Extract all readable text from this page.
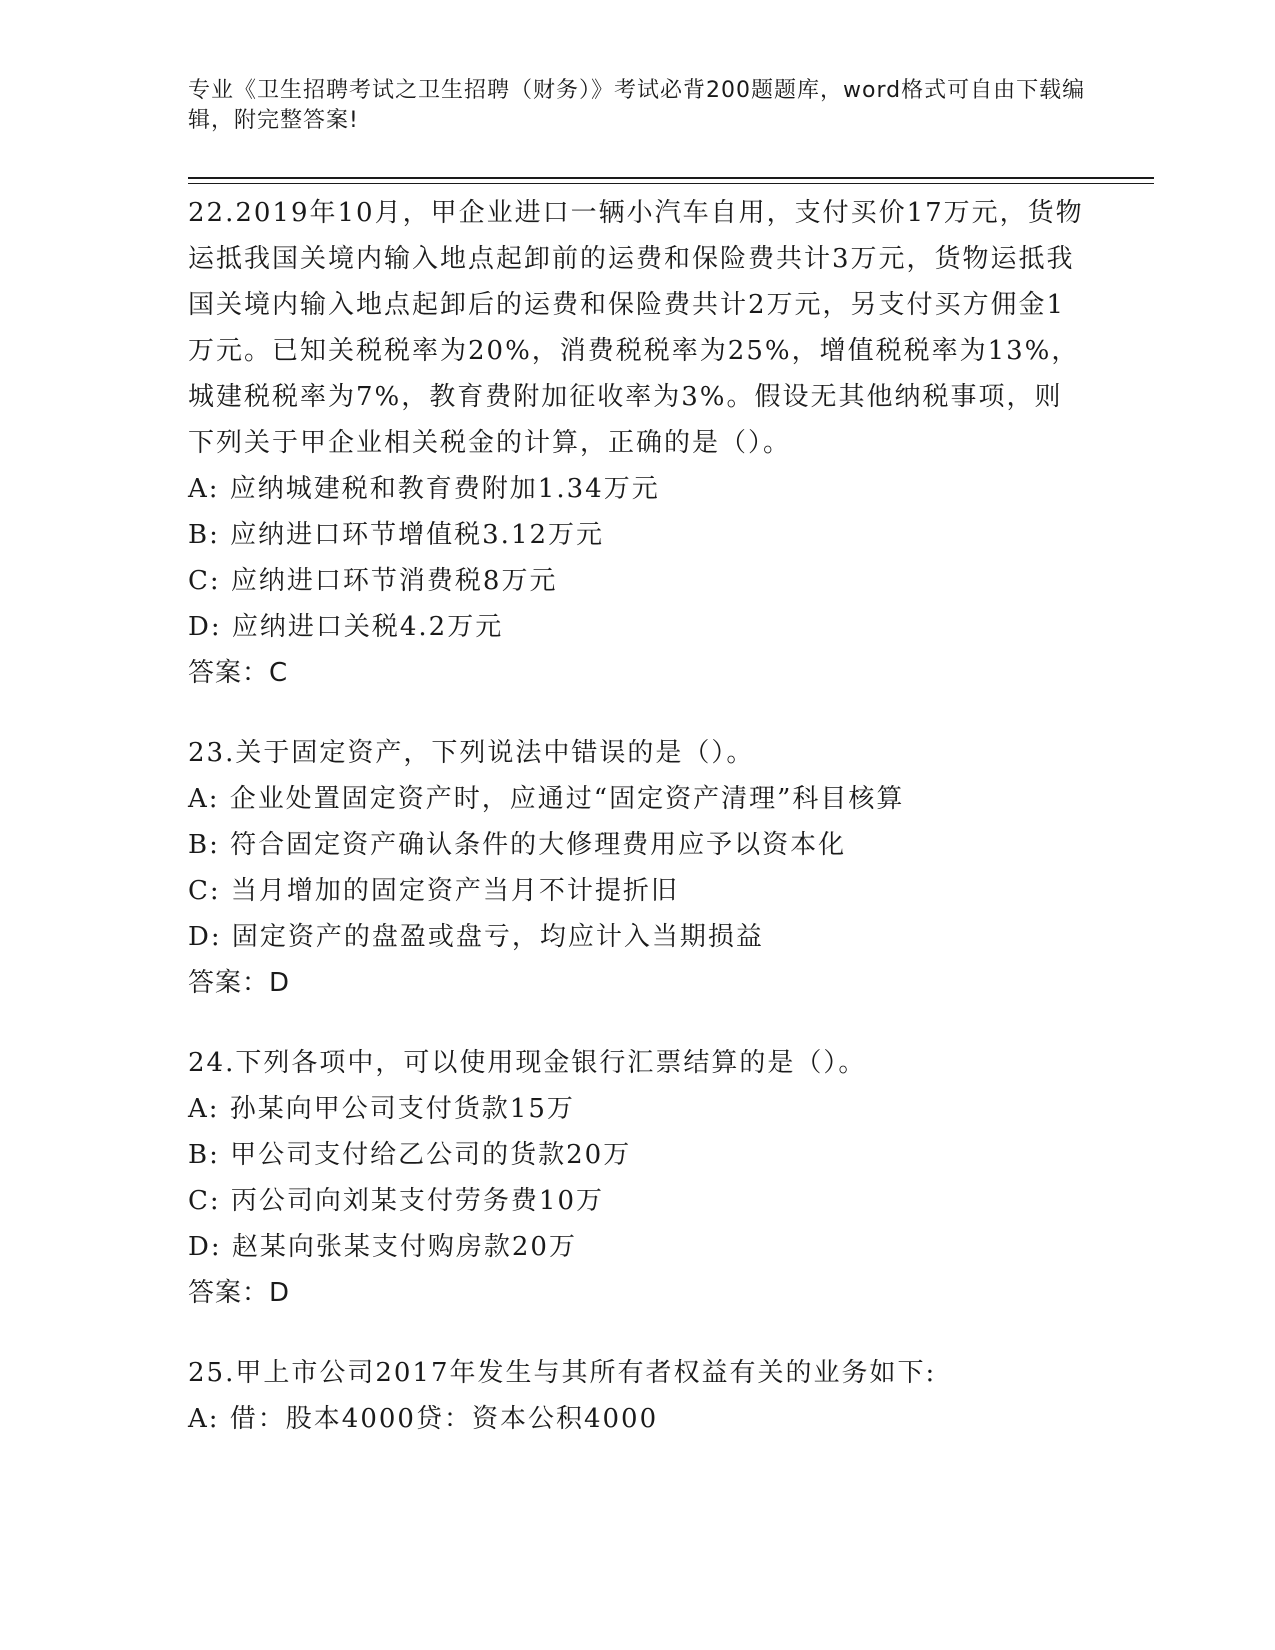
专业《卫生招聘考试之卫生招聘（财务）》考试必背200题题库，word格式可自由下载编辑，附完整答案!

22.2019年10月，甲企业进口一辆小汽车自用，支付买价17万元，货物运抵我国关境内输入地点起卸前的运费和保险费共计3万元，货物运抵我国关境内输入地点起卸后的运费和保险费共计2万元，另支付买方佣金1万元。已知关税税率为20%，消费税税率为25%，增值税税率为13%，城建税税率为7%，教育费附加征收率为3%。假设无其他纳税事项，则下列关于甲企业相关税金的计算，正确的是（）。

A: 应纳城建税和教育费附加1.34万元

B: 应纳进口环节增值税3.12万元

C: 应纳进口环节消费税8万元

D: 应纳进口关税4.2万元

答案：C

23.关于固定资产，下列说法中错误的是（）。

A: 企业处置固定资产时，应通过“固定资产清理”科目核算

B: 符合固定资产确认条件的大修理费用应予以资本化

C: 当月增加的固定资产当月不计提折旧

D: 固定资产的盘盈或盘亏，均应计入当期损益

答案：D

24.下列各项中，可以使用现金银行汇票结算的是（）。

A: 孙某向甲公司支付货款15万

B: 甲公司支付给乙公司的货款20万

C: 丙公司向刘某支付劳务费10万

D: 赵某向张某支付购房款20万

答案：D

25.甲上市公司2017年发生与其所有者权益有关的业务如下:

A: 借：股本4000贷：资本公积4000
